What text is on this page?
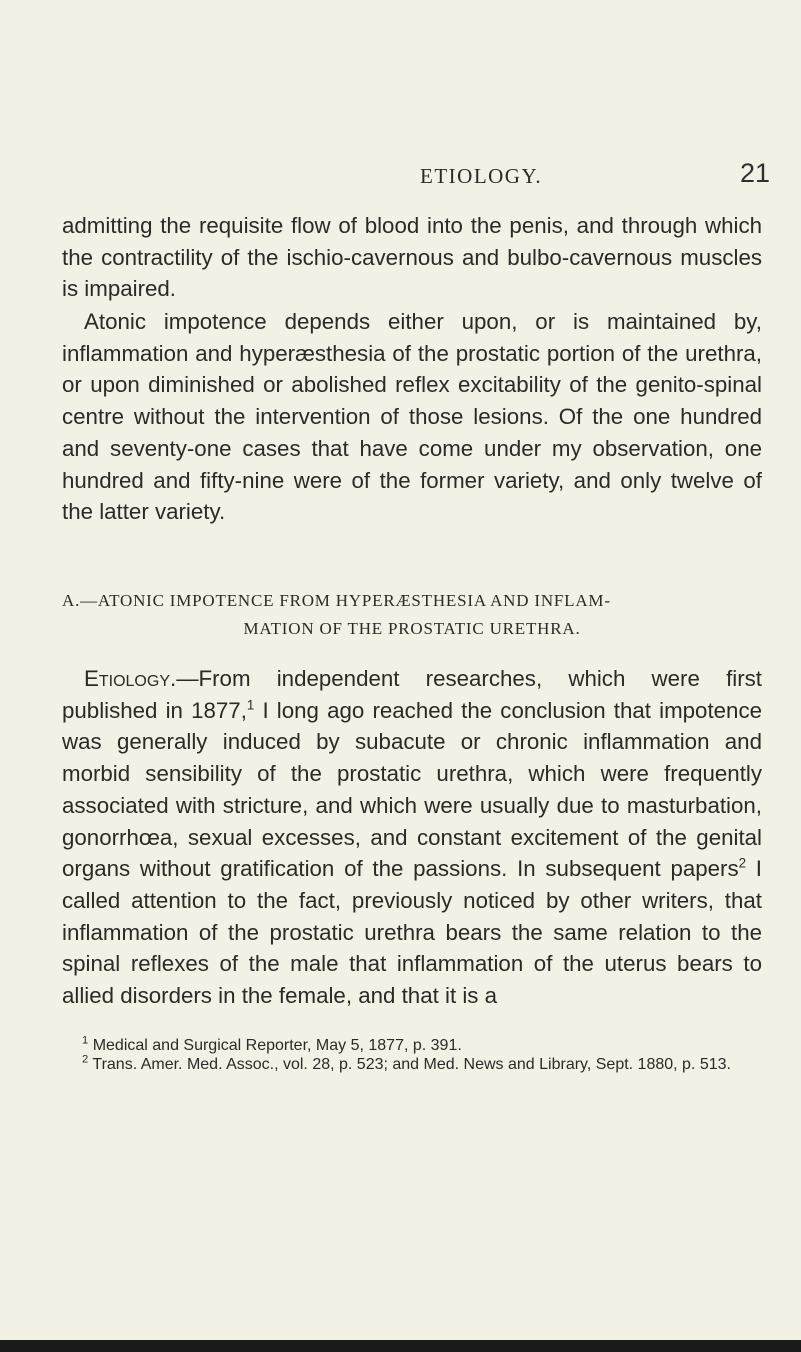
ETIOLOGY.	21

admitting the requisite flow of blood into the penis, and through which the contractility of the ischio-cavernous and bulbo-cavernous muscles is impaired.

Atonic impotence depends either upon, or is maintained by, inflammation and hyperæsthesia of the prostatic portion of the urethra, or upon diminished or abolished reflex excitability of the genito-spinal centre without the intervention of those lesions. Of the one hundred and seventy-one cases that have come under my observation, one hundred and fifty-nine were of the former variety, and only twelve of the latter variety.

A.—ATONIC IMPOTENCE FROM HYPERÆSTHESIA AND INFLAM-
MATION OF THE PROSTATIC URETHRA.

Etiology.—From independent researches, which were first published in 1877,$^1$ I long ago reached the conclusion that impotence was generally induced by subacute or chronic inflammation and morbid sensibility of the prostatic urethra, which were frequently associated with stricture, and which were usually due to masturbation, gonorrhœa, sexual excesses, and constant excitement of the genital organs without gratification of the passions. In subsequent papers$^2$ I called attention to the fact, previously noticed by other writers, that inflammation of the prostatic urethra bears the same relation to the spinal reflexes of the male that inflammation of the uterus bears to allied disorders in the female, and that it is a

$^1$ Medical and Surgical Reporter, May 5, 1877, p. 391.

$^2$ Trans. Amer. Med. Assoc., vol. 28, p. 523; and Med. News and Library, Sept. 1880, p. 513.
